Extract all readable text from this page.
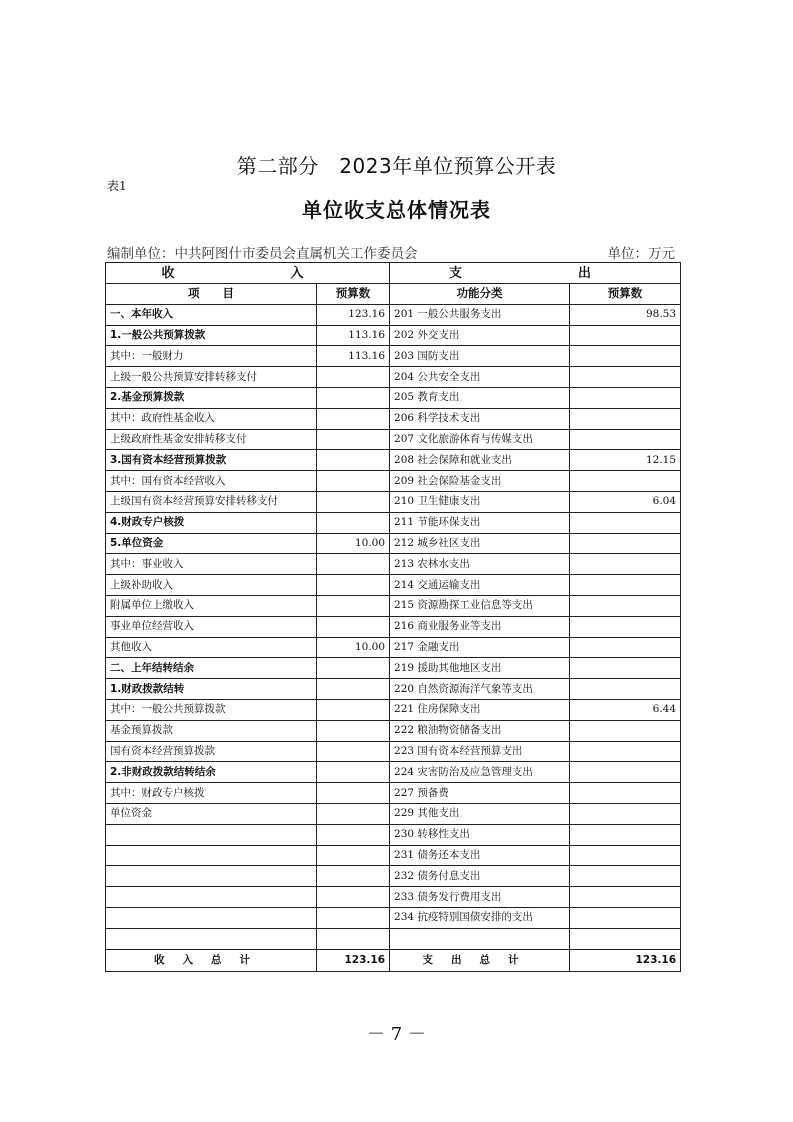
第二部分　2023年单位预算公开表
表1
单位收支总体情况表
编制单位：中共阿图什市委员会直属机关工作委员会	单位：万元
收　　入		支　　出	
项　　目	预算数	功能分类	预算数
一、本年收入	123.16	201 一般公共服务支出	98.53
1.一般公共预算拨款	113.16	202 外交支出	
其中：一般财力	113.16	203 国防支出	
上级一般公共预算安排转移支付		204 公共安全支出	
2.基金预算拨款		205 教育支出	
其中：政府性基金收入		206 科学技术支出	
上级政府性基金安排转移支付		207 文化旅游体育与传媒支出	
3.国有资本经营预算拨款		208 社会保障和就业支出	12.15
其中：国有资本经营收入		209 社会保险基金支出	
上级国有资本经营预算安排转移支付		210 卫生健康支出	6.04
4.财政专户核拨		211 节能环保支出	
5.单位资金	10.00	212 城乡社区支出	
其中：事业收入		213 农林水支出	
上级补助收入		214 交通运输支出	
附属单位上缴收入		215 资源勘探工业信息等支出	
事业单位经营收入		216 商业服务业等支出	
其他收入	10.00	217 金融支出	
二、上年结转结余		219 援助其他地区支出	
1.财政拨款结转		220 自然资源海洋气象等支出	
其中：一般公共预算拨款		221 住房保障支出	6.44
基金预算拨款		222 粮油物资储备支出	
国有资本经营预算拨款		223 国有资本经营预算支出	
2.非财政拨款结转结余		224 灾害防治及应急管理支出	
其中：财政专户核拨		227 预备费	
单位资金		229 其他支出	
		230 转移性支出	
		231 债务还本支出	
		232 债务付息支出	
		233 债务发行费用支出	
		234 抗疫特别国债安排的支出	

收入总计	123.16	支出总计	123.16
－ 7 －
